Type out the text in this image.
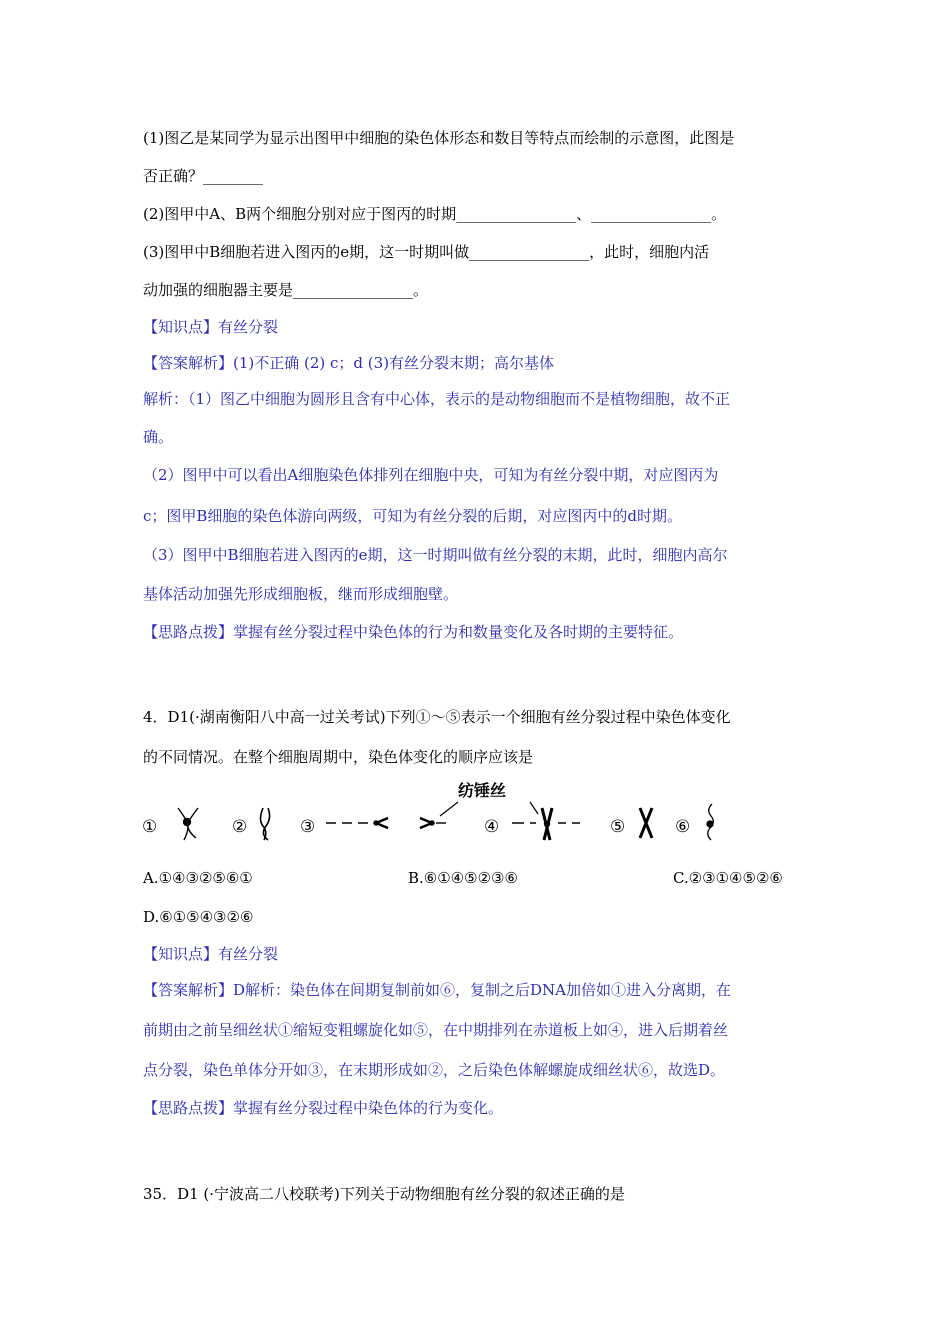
(1)图乙是某同学为显示出图甲中细胞的染色体形态和数目等特点而绘制的示意图，此图是
否正确？________
(2)图甲中A、B两个细胞分别对应于图丙的时期________________、________________。
(3)图甲中B细胞若进入图丙的e期，这一时期叫做________________，此时，细胞内活
动加强的细胞器主要是________________。
【知识点】有丝分裂
【答案解析】(1)不正确 (2) c；d (3)有丝分裂末期；高尔基体
解析：（1）图乙中细胞为圆形且含有中心体，表示的是动物细胞而不是植物细胞，故不正
确。
（2）图甲中可以看出A细胞染色体排列在细胞中央，可知为有丝分裂中期，对应图丙为
c；图甲B细胞的染色体游向两级，可知为有丝分裂的后期，对应图丙中的d时期。
（3）图甲中B细胞若进入图丙的e期，这一时期叫做有丝分裂的末期，此时，细胞内高尔
基体活动加强先形成细胞板，继而形成细胞壁。
【思路点拨】掌握有丝分裂过程中染色体的行为和数量变化及各时期的主要特征。
4．D1(·湖南衡阳八中高一过关考试)下列①～⑤表示一个细胞有丝分裂过程中染色体变化
的不同情况。在整个细胞周期中，染色体变化的顺序应该是
①	②	③	④	⑤	⑥
纺锤丝
A.①④③②⑤⑥①	B.⑥①④⑤②③⑥	C.②③①④⑤②⑥
D.⑥①⑤④③②⑥
【知识点】有丝分裂
【答案解析】D解析：染色体在间期复制前如⑥，复制之后DNA加倍如①进入分离期，在
前期由之前呈细丝状①缩短变粗螺旋化如⑤，在中期排列在赤道板上如④，进入后期着丝
点分裂，染色单体分开如③，在末期形成如②，之后染色体解螺旋成细丝状⑥，故选D。
【思路点拨】掌握有丝分裂过程中染色体的行为变化。
35．D1 (·宁波高二八校联考)下列关于动物细胞有丝分裂的叙述正确的是
